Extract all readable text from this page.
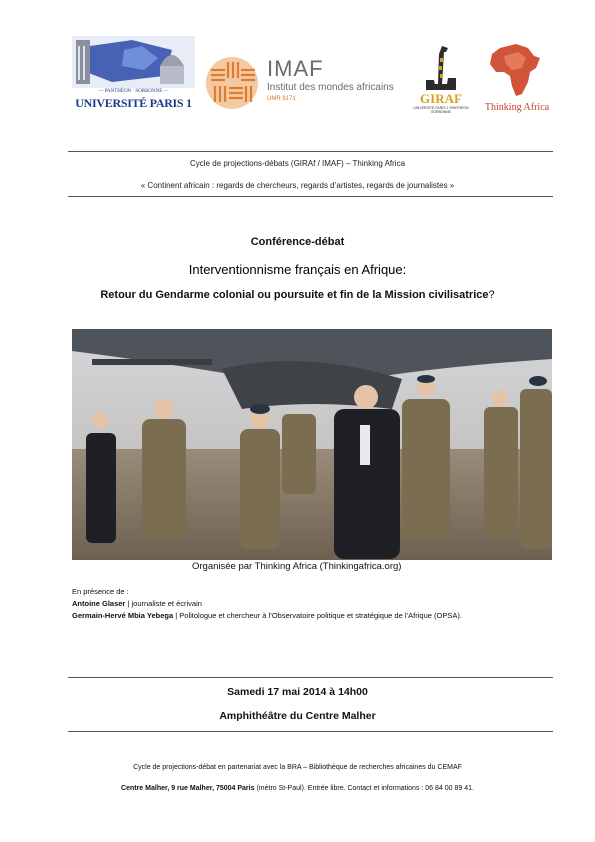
— PANTHÉON · SORBONNE —
UNIVERSITÉ PARIS 1
IMAF
Institut des mondes africains
UMR 8171	GIRAF
UNIVERSITÉ PARIS 1 PANTHÉON SORBONNE	Thinking Africa
Cycle de projections-débats (GIRAf / IMAF) – Thinking Africa
« Continent africain : regards de chercheurs, regards d’artistes, regards de journalistes »
Conférence-débat
Interventionnisme français en Afrique:
Retour du Gendarme colonial ou poursuite et fin de la Mission civilisatrice?
Organisée par Thinking Africa (Thinkingafrica.org)
En présence de :
Antoine Glaser | journaliste et écrivain
Germain-Hervé Mbia Yebega | Politologue et chercheur à l’Observatoire politique et stratégique de l’Afrique (OPSA).
Samedi 17 mai 2014 à 14h00
Amphithéâtre du Centre Malher
Cycle de projections-débat en partenariat avec la BRA – Bibliothèque de recherches africaines du CEMAF
Centre Malher, 9 rue Malher, 75004 Paris (métro St-Paul). Entrée libre. Contact et informations : 06 84 00 89 41.
